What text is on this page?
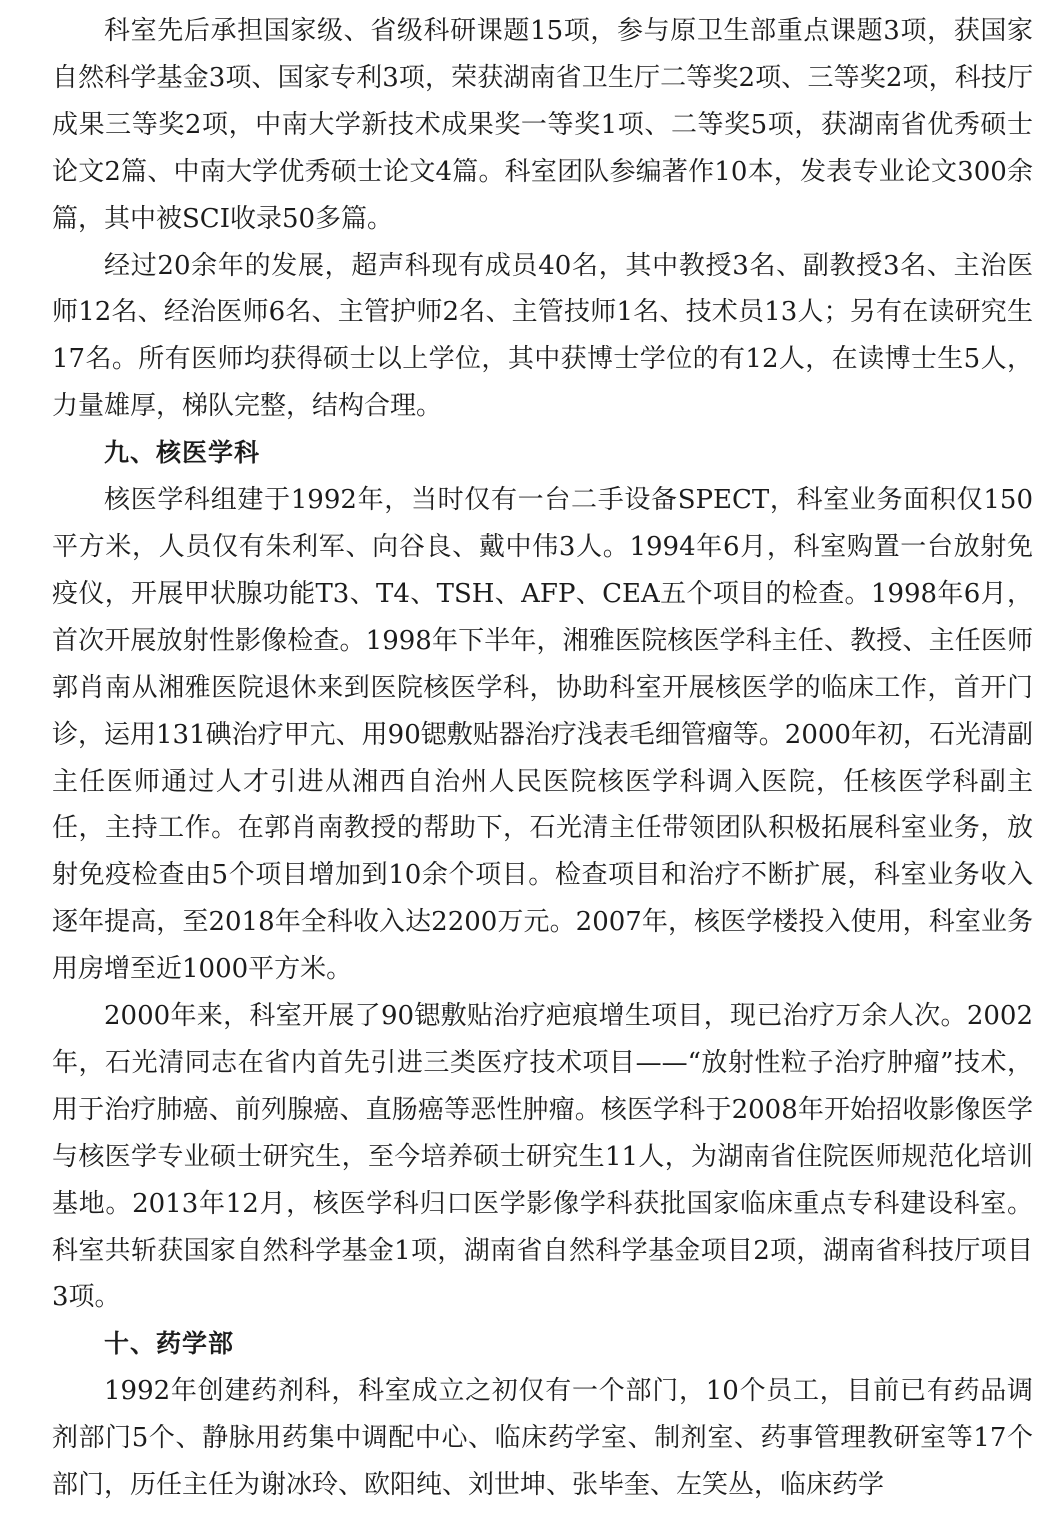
科室先后承担国家级、省级科研课题15项，参与原卫生部重点课题3项，获国家自然科学基金3项、国家专利3项，荣获湖南省卫生厅二等奖2项、三等奖2项，科技厅成果三等奖2项，中南大学新技术成果奖一等奖1项、二等奖5项，获湖南省优秀硕士论文2篇、中南大学优秀硕士论文4篇。科室团队参编著作10本，发表专业论文300余篇，其中被SCI收录50多篇。

经过20余年的发展，超声科现有成员40名，其中教授3名、副教授3名、主治医师12名、经治医师6名、主管护师2名、主管技师1名、技术员13人；另有在读研究生17名。所有医师均获得硕士以上学位，其中获博士学位的有12人，在读博士生5人，力量雄厚，梯队完整，结构合理。

九、核医学科

核医学科组建于1992年，当时仅有一台二手设备SPECT，科室业务面积仅150平方米，人员仅有朱利军、向谷良、戴中伟3人。1994年6月，科室购置一台放射免疫仪，开展甲状腺功能T3、T4、TSH、AFP、CEA五个项目的检查。1998年6月，首次开展放射性影像检查。1998年下半年，湘雅医院核医学科主任、教授、主任医师郭肖南从湘雅医院退休来到医院核医学科，协助科室开展核医学的临床工作，首开门诊，运用131碘治疗甲亢、用90锶敷贴器治疗浅表毛细管瘤等。2000年初，石光清副主任医师通过人才引进从湘西自治州人民医院核医学科调入医院，任核医学科副主任，主持工作。在郭肖南教授的帮助下，石光清主任带领团队积极拓展科室业务，放射免疫检查由5个项目增加到10余个项目。检查项目和治疗不断扩展，科室业务收入逐年提高，至2018年全科收入达2200万元。2007年，核医学楼投入使用，科室业务用房增至近1000平方米。

2000年来，科室开展了90锶敷贴治疗疤痕增生项目，现已治疗万余人次。2002年，石光清同志在省内首先引进三类医疗技术项目——“放射性粒子治疗肿瘤”技术，用于治疗肺癌、前列腺癌、直肠癌等恶性肿瘤。核医学科于2008年开始招收影像医学与核医学专业硕士研究生，至今培养硕士研究生11人，为湖南省住院医师规范化培训基地。2013年12月，核医学科归口医学影像学科获批国家临床重点专科建设科室。科室共斩获国家自然科学基金1项，湖南省自然科学基金项目2项，湖南省科技厅项目3项。

十、药学部

1992年创建药剂科，科室成立之初仅有一个部门，10个员工，目前已有药品调剂部门5个、静脉用药集中调配中心、临床药学室、制剂室、药事管理教研室等17个部门，历任主任为谢冰玲、欧阳纯、刘世坤、张毕奎、左笑丛，临床药学
